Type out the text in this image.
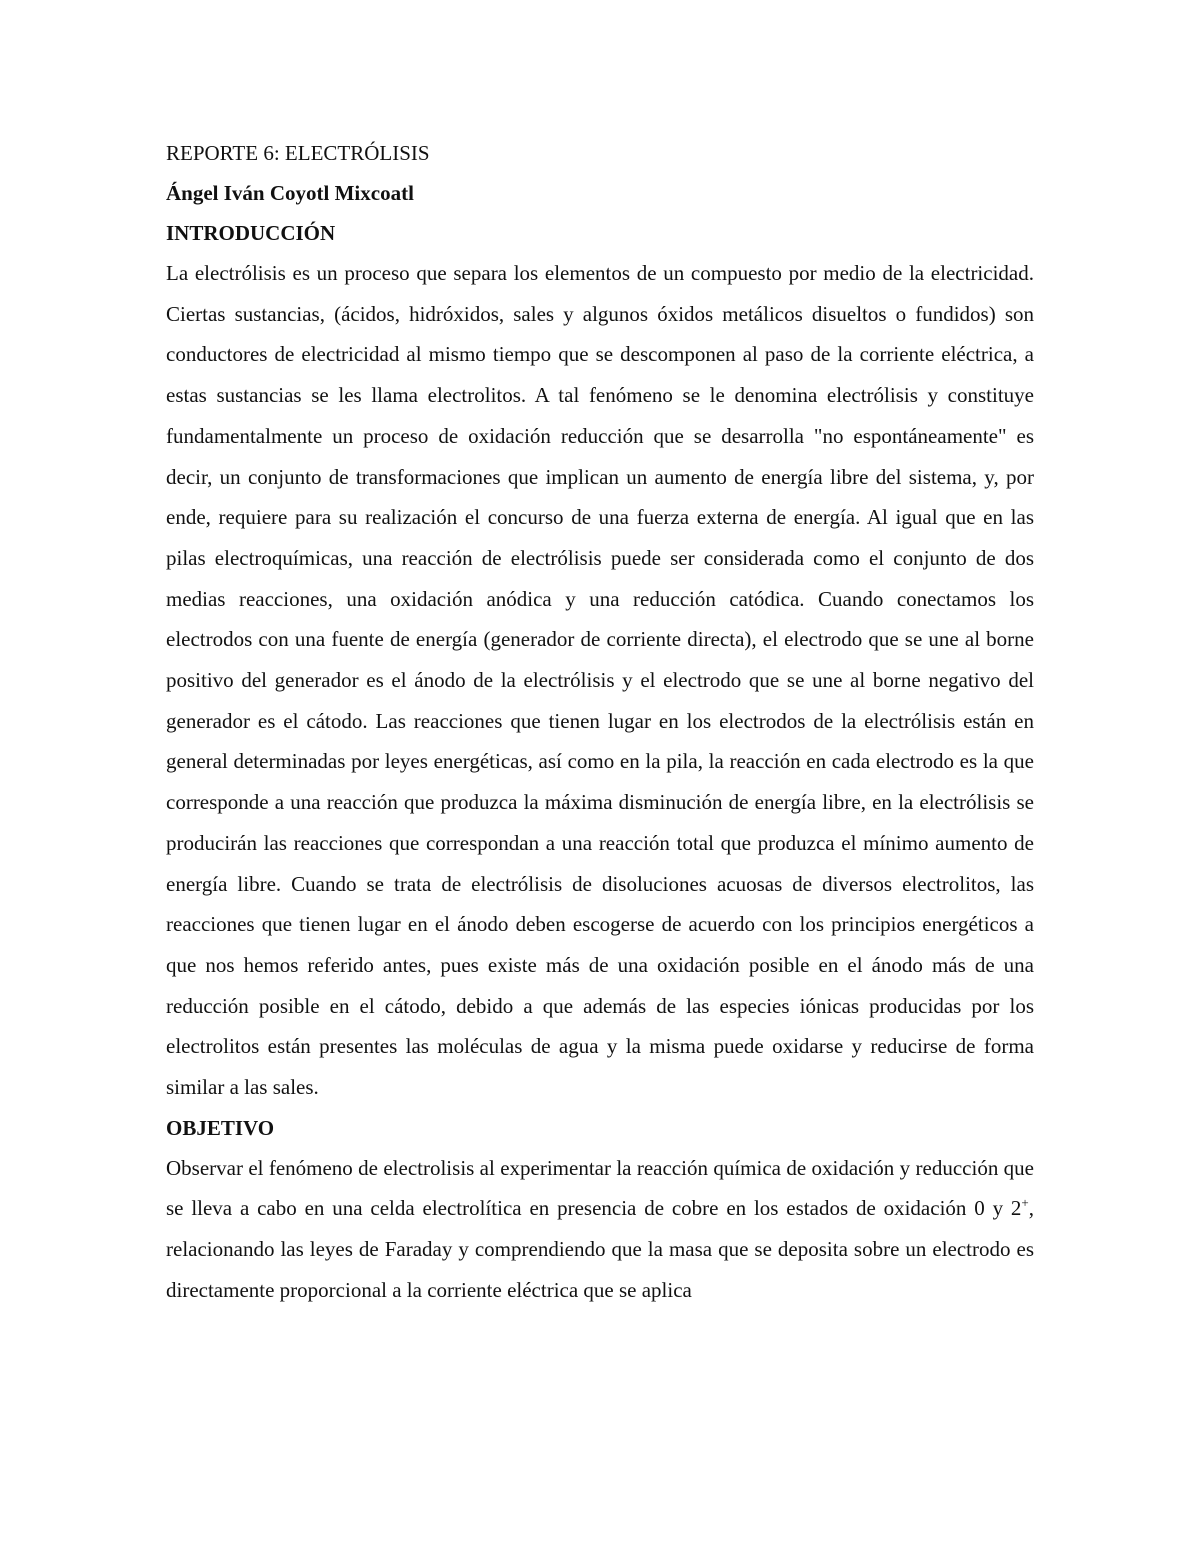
REPORTE 6: ELECTRÓLISIS

Ángel Iván Coyotl Mixcoatl

INTRODUCCIÓN

La electrólisis es un proceso que separa los elementos de un compuesto por medio de la electricidad. Ciertas sustancias, (ácidos, hidróxidos, sales y algunos óxidos metálicos disueltos o fundidos) son conductores de electricidad al mismo tiempo que se descomponen al paso de la corriente eléctrica, a estas sustancias se les llama electrolitos. A tal fenómeno se le denomina electrólisis y constituye fundamentalmente un proceso de oxidación reducción que se desarrolla "no espontáneamente" es decir, un conjunto de transformaciones que implican un aumento de energía libre del sistema, y, por ende, requiere para su realización el concurso de una fuerza externa de energía. Al igual que en las pilas electroquímicas, una reacción de electrólisis puede ser considerada como el conjunto de dos medias reacciones, una oxidación anódica y una reducción catódica. Cuando conectamos los electrodos con una fuente de energía (generador de corriente directa), el electrodo que se une al borne positivo del generador es el ánodo de la electrólisis y el electrodo que se une al borne negativo del generador es el cátodo. Las reacciones que tienen lugar en los electrodos de la electrólisis están en general determinadas por leyes energéticas, así como en la pila, la reacción en cada electrodo es la que corresponde a una reacción que produzca la máxima disminución de energía libre, en la electrólisis se producirán las reacciones que correspondan a una reacción total que produzca el mínimo aumento de energía libre. Cuando se trata de electrólisis de disoluciones acuosas de diversos electrolitos, las reacciones que tienen lugar en el ánodo deben escogerse de acuerdo con los principios energéticos a que nos hemos referido antes, pues existe más de una oxidación posible en el ánodo más de una reducción posible en el cátodo, debido a que además de las especies iónicas producidas por los electrolitos están presentes las moléculas de agua y la misma puede oxidarse y reducirse de forma similar a las sales.

OBJETIVO

Observar el fenómeno de electrolisis al experimentar la reacción química de oxidación y reducción que se lleva a cabo en una celda electrolítica en presencia de cobre en los estados de oxidación 0 y 2+, relacionando las leyes de Faraday y comprendiendo que la masa que se deposita sobre un electrodo es directamente proporcional a la corriente eléctrica que se aplica
